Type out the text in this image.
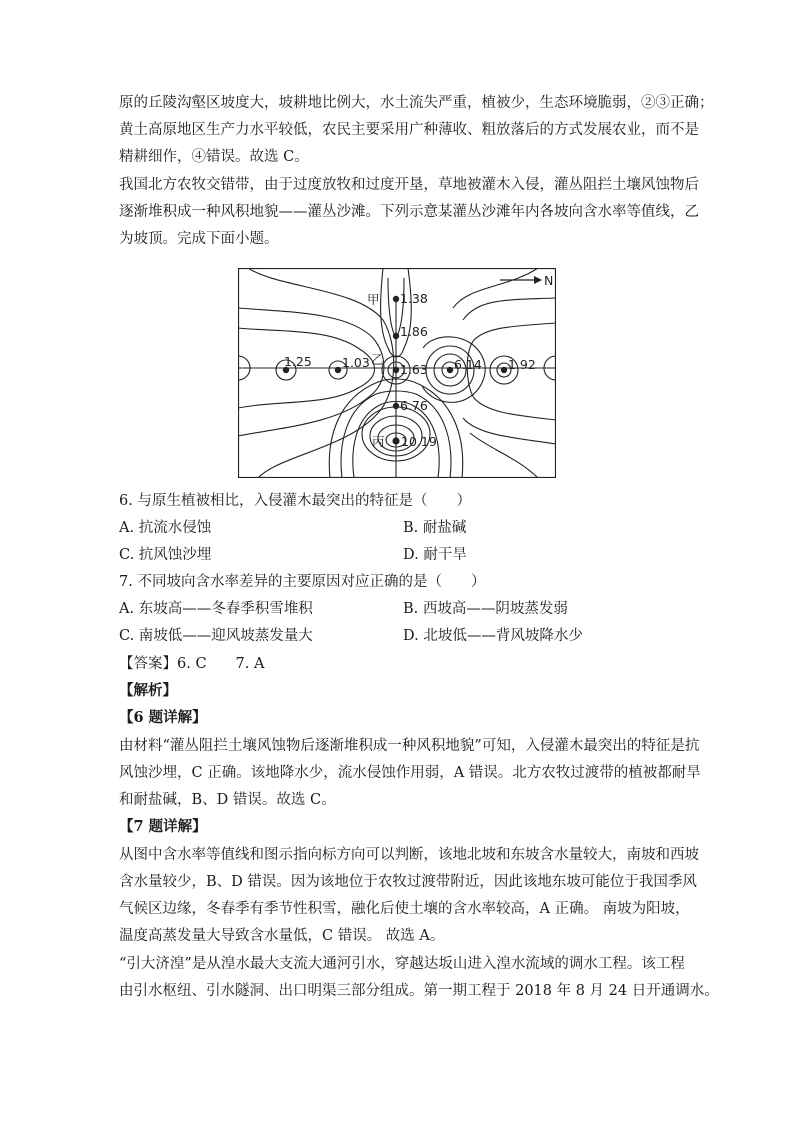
原的丘陵沟壑区坡度大，坡耕地比例大，水土流失严重，植被少，生态环境脆弱，②③正确；
黄土高原地区生产力水平较低，农民主要采用广种薄收、粗放落后的方式发展农业，而不是
精耕细作，④错误。故选 C。
我国北方农牧交错带，由于过度放牧和过度开垦，草地被灌木入侵，灌丛阻拦土壤风蚀物后
逐渐堆积成一种风积地貌——灌丛沙滩。下列示意某灌丛沙滩年内各坡向含水率等值线，乙
为坡顶。完成下面小题。
N
甲 1.38
1.86
1.25 1.03 乙
1.63 6.14 1.92
6.76
丙 10.19
6. 与原生植被相比，入侵灌木最突出的特征是（　　）
A. 抗流水侵蚀	B. 耐盐碱
C. 抗风蚀沙埋	D. 耐干旱
7. 不同坡向含水率差异的主要原因对应正确的是（　　）
A. 东坡高——冬春季积雪堆积	B. 西坡高——阴坡蒸发弱
C. 南坡低——迎风坡蒸发量大	D. 北坡低——背风坡降水少
【答案】6. C　　7. A
【解析】
【6 题详解】
由材料“灌丛阻拦土壤风蚀物后逐渐堆积成一种风积地貌”可知，入侵灌木最突出的特征是抗
风蚀沙埋，C 正确。该地降水少，流水侵蚀作用弱，A 错误。北方农牧过渡带的植被都耐旱
和耐盐碱，B、D 错误。故选 C。
【7 题详解】
从图中含水率等值线和图示指向标方向可以判断，该地北坡和东坡含水量较大，南坡和西坡
含水量较少，B、D 错误。因为该地位于农牧过渡带附近，因此该地东坡可能位于我国季风
气候区边缘，冬春季有季节性积雪，融化后使土壤的含水率较高，A 正确。 南坡为阳坡，
温度高蒸发量大导致含水量低，C 错误。 故选 A。
“引大济湟”是从湟水最大支流大通河引水，穿越达坂山进入湟水流域的调水工程。该工程
由引水枢纽、引水隧洞、出口明渠三部分组成。第一期工程于 2018 年 8 月 24 日开通调水。
